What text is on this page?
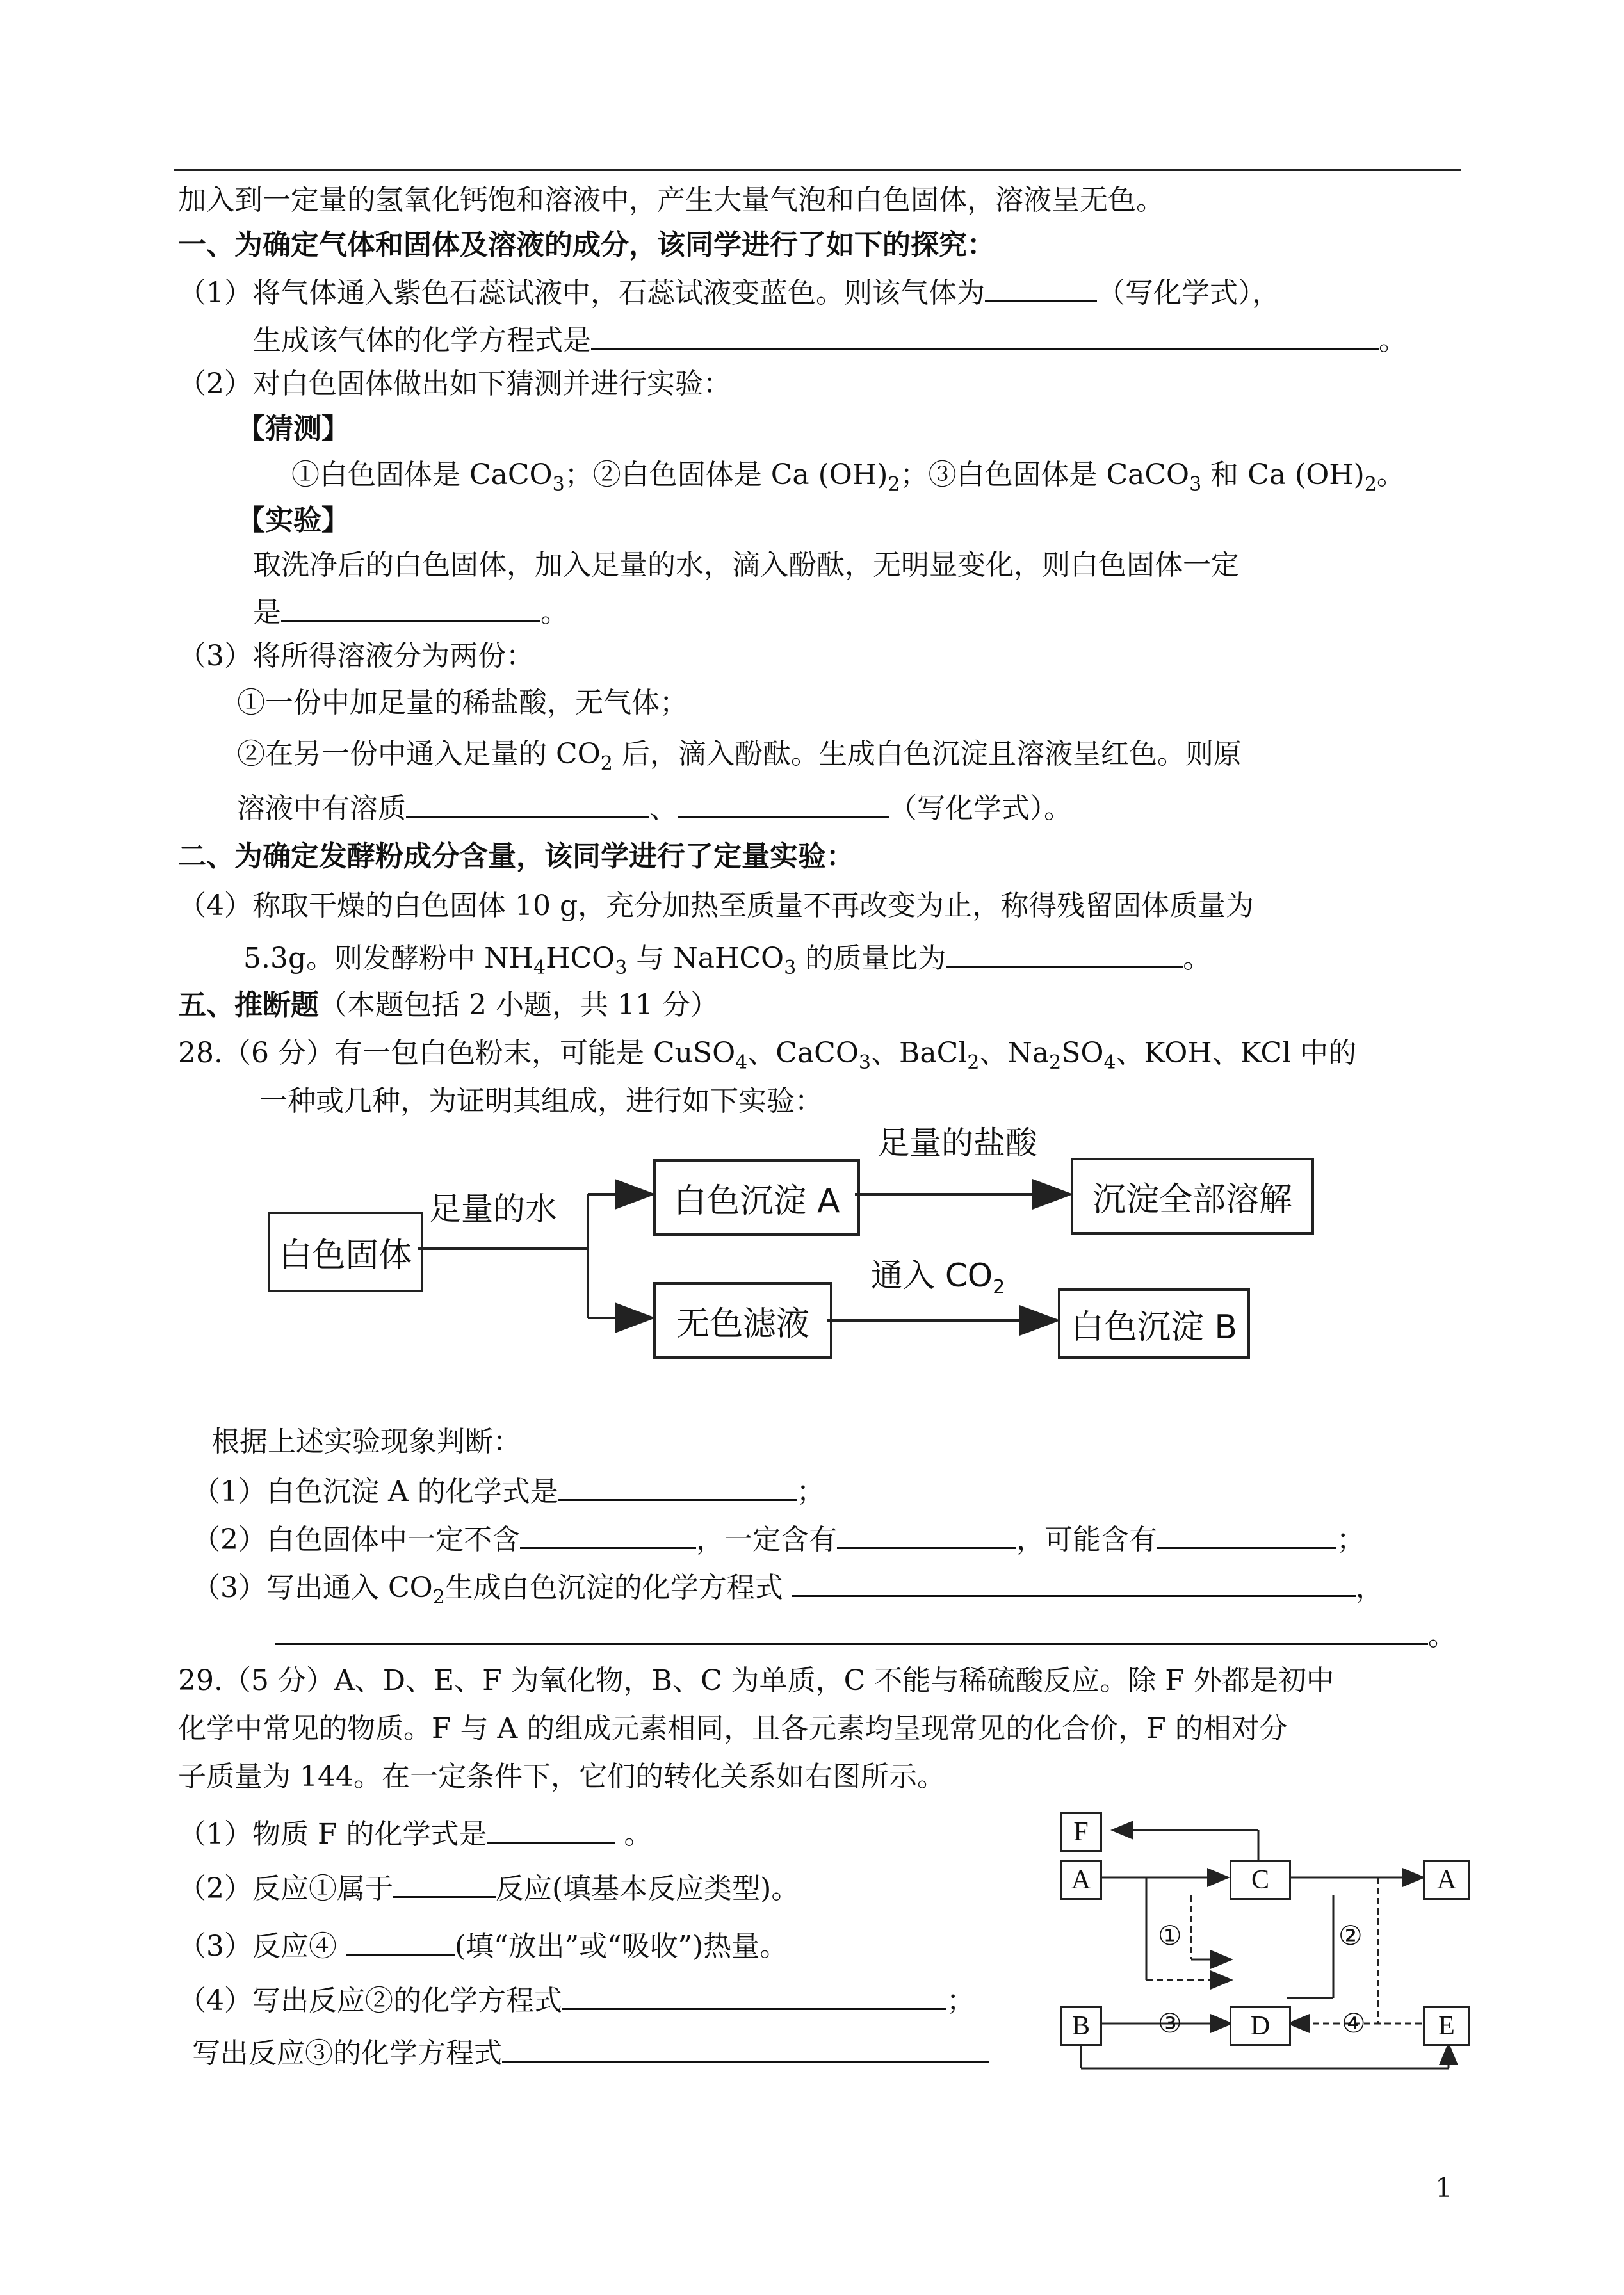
加入到一定量的氢氧化钙饱和溶液中，产生大量气泡和白色固体，溶液呈无色。
一、为确定气体和固体及溶液的成分，该同学进行了如下的探究：
（1）将气体通入紫色石蕊试液中，石蕊试液变蓝色。则该气体为	（写化学式），
生成该气体的化学方程式是	。
（2）对白色固体做出如下猜测并进行实验：
【猜测】
①白色固体是 CaCO$_3$；②白色固体是 Ca $(OH)_2$；③白色固体是 CaCO$_3$ 和 Ca $(OH)_2$。
【实验】
取洗净后的白色固体，加入足量的水，滴入酚酞，无明显变化，则白色固体一定
是	。
（3）将所得溶液分为两份：
①一份中加足量的稀盐酸，无气体；
②在另一份中通入足量的 $CO_2$ 后，滴入酚酞。生成白色沉淀且溶液呈红色。则原
溶液中有溶质	、	（写化学式）。
二、为确定发酵粉成分含量，该同学进行了定量实验：
（4）称取干燥的白色固体 10 g，充分加热至质量不再改变为止，称得残留固体质量为
5.3g。则发酵粉中 $NH_4HCO_3$ 与 NaHCO$_3$ 的质量比为	。
五、推断题（本题包括 2 小题，共 11 分）
28.（6 分）有一包白色粉末，可能是 CuSO$_4$、CaCO$_3$、BaCl$_2$、$Na_2SO_4$、KOH、KCl 中的
一种或几种，为证明其组成，进行如下实验：
白色固体
足量的水	白色沉淀 A
足量的盐酸
沉淀全部溶解
无色滤液
通入 $CO_2$
白色沉淀 B
根据上述实验现象判断：
（1）白色沉淀 A 的化学式是	；
（2）白色固体中一定不含	，一定含有	，可能含有	；
（3）写出通入 $CO_2$生成白色沉淀的化学方程式	，
。
29.（5 分）A、D、E、F 为氧化物，B、C 为单质，C 不能与稀硫酸反应。除 F 外都是初中
化学中常见的物质。F 与 A 的组成元素相同，且各元素均呈现常见的化合价，F 的相对分
子质量为 144。在一定条件下，它们的转化关系如右图所示。
（1）物质 F 的化学式是	。
（2）反应①属于	反应(填基本反应类型)。
（3）反应④	(填“放出”或“吸收”)热量。
（4）写出反应②的化学方程式	；
写出反应③的化学方程式
F
A	C	A
B	D	E
①	②
③	④
1
